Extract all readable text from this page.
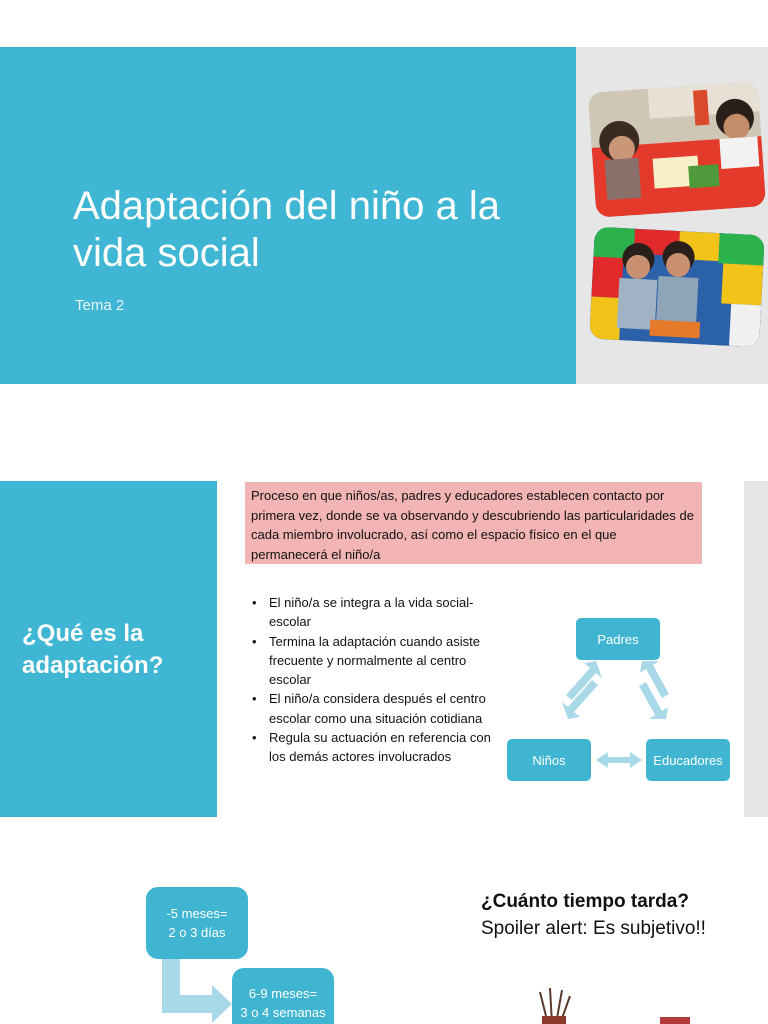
Adaptación del niño a la vida social
Tema 2
¿Qué es la adaptación?
Proceso en que niños/as, padres y educadores establecen contacto por primera vez, donde se va observando y descubriendo las particularidades de cada miembro involucrado, así como el espacio físico en el que permanecerá el niño/a
• El niño/a se integra a la vida social-escolar
• Termina la adaptación cuando asiste frecuente y normalmente al centro escolar
• El niño/a considera después el centro escolar como una situación cotidiana
• Regula su actuación en referencia con los demás actores involucrados
Padres
Niños	Educadores
-5 meses=
2 o 3 días
6-9 meses=
3 o 4 semanas
¿Cuánto tiempo tarda?
Spoiler alert: Es subjetivo!!
